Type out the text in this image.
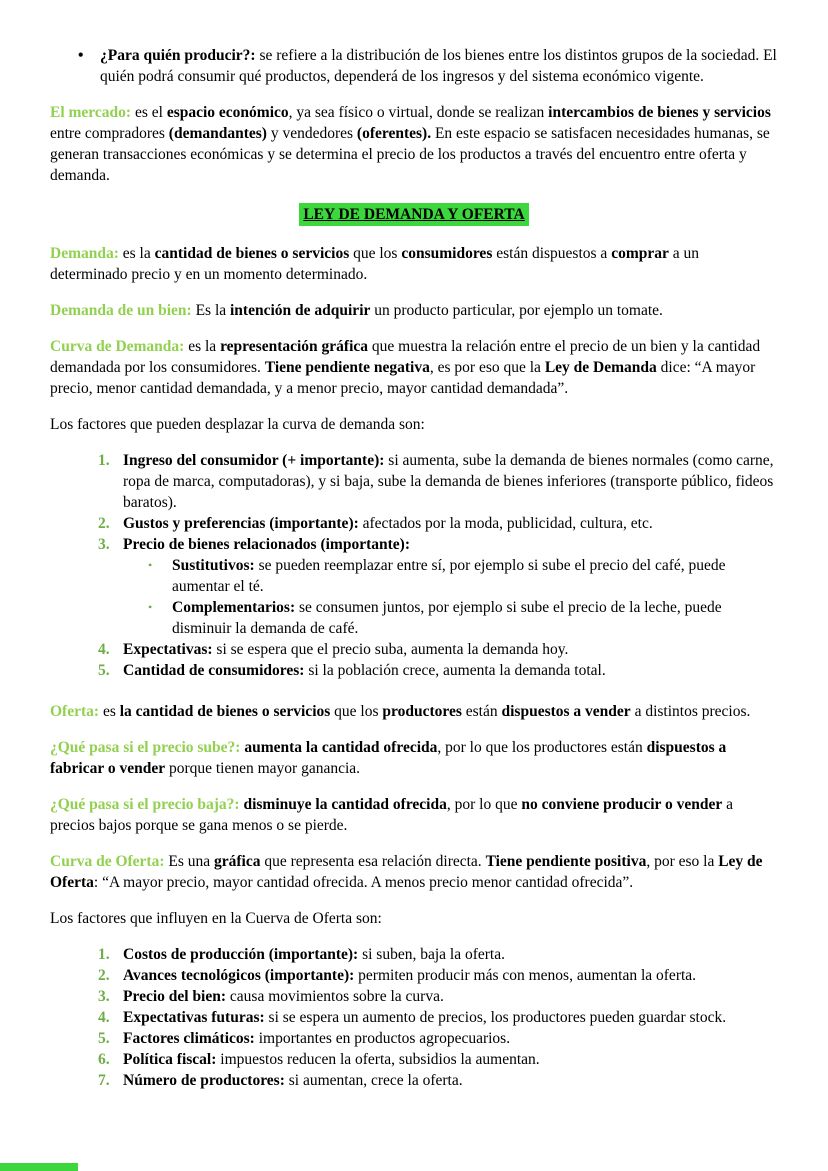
•	¿Para quién producir?: se refiere a la distribución de los bienes entre los distintos grupos de la sociedad. El quién podrá consumir qué productos, dependerá de los ingresos y del sistema económico vigente.
El mercado: es el espacio económico, ya sea físico o virtual, donde se realizan intercambios de bienes y servicios entre compradores (demandantes) y vendedores (oferentes). En este espacio se satisfacen necesidades humanas, se generan transacciones económicas y se determina el precio de los productos a través del encuentro entre oferta y demanda.
LEY DE DEMANDA Y OFERTA
Demanda: es la cantidad de bienes o servicios que los consumidores están dispuestos a comprar a un determinado precio y en un momento determinado.
Demanda de un bien: Es la intención de adquirir un producto particular, por ejemplo un tomate.
Curva de Demanda: es la representación gráfica que muestra la relación entre el precio de un bien y la cantidad demandada por los consumidores. Tiene pendiente negativa, es por eso que la Ley de Demanda dice: “A mayor precio, menor cantidad demandada, y a menor precio, mayor cantidad demandada”.
Los factores que pueden desplazar la curva de demanda son:
1. Ingreso del consumidor (+ importante): si aumenta, sube la demanda de bienes normales (como carne, ropa de marca, computadoras), y si baja, sube la demanda de bienes inferiores (transporte público, fideos baratos).
2. Gustos y preferencias (importante): afectados por la moda, publicidad, cultura, etc.
3. Precio de bienes relacionados (importante):
•	Sustitutivos: se pueden reemplazar entre sí, por ejemplo si sube el precio del café, puede aumentar el té.
•	Complementarios: se consumen juntos, por ejemplo si sube el precio de la leche, puede disminuir la demanda de café.
4. Expectativas: si se espera que el precio suba, aumenta la demanda hoy.
5. Cantidad de consumidores: si la población crece, aumenta la demanda total.
Oferta: es la cantidad de bienes o servicios que los productores están dispuestos a vender a distintos precios.
¿Qué pasa si el precio sube?: aumenta la cantidad ofrecida, por lo que los productores están dispuestos a fabricar o vender porque tienen mayor ganancia.
¿Qué pasa si el precio baja?: disminuye la cantidad ofrecida, por lo que no conviene producir o vender a precios bajos porque se gana menos o se pierde.
Curva de Oferta: Es una gráfica que representa esa relación directa. Tiene pendiente positiva, por eso la Ley de Oferta: “A mayor precio, mayor cantidad ofrecida. A menos precio menor cantidad ofrecida”.
Los factores que influyen en la Cuerva de Oferta son:
1. Costos de producción (importante): si suben, baja la oferta.
2. Avances tecnológicos (importante): permiten producir más con menos, aumentan la oferta.
3. Precio del bien: causa movimientos sobre la curva.
4. Expectativas futuras: si se espera un aumento de precios, los productores pueden guardar stock.
5. Factores climáticos: importantes en productos agropecuarios.
6. Política fiscal: impuestos reducen la oferta, subsidios la aumentan.
7. Número de productores: si aumentan, crece la oferta.
